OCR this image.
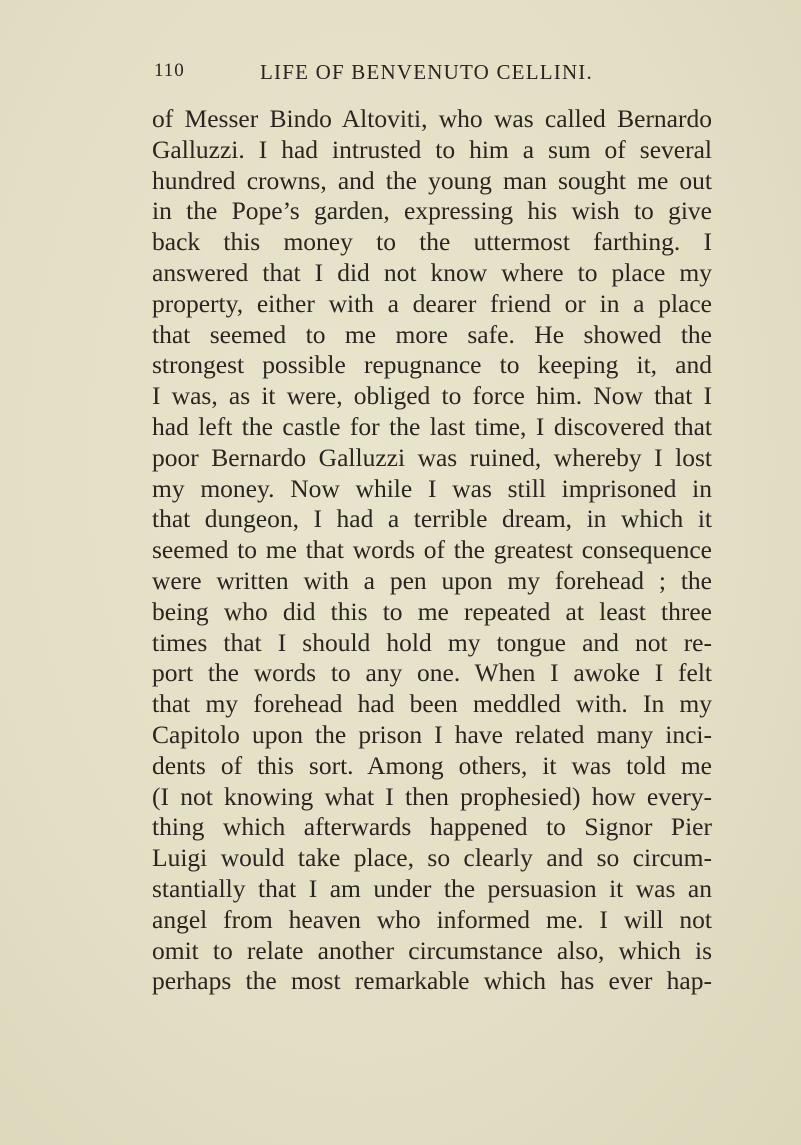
110	LIFE OF BENVENUTO CELLINI.
of Messer Bindo Altoviti, who was called Bernardo
Galluzzi. I had intrusted to him a sum of several
hundred crowns, and the young man sought me out
in the Pope’s garden, expressing his wish to give
back this money to the uttermost farthing. I
answered that I did not know where to place my
property, either with a dearer friend or in a place
that seemed to me more safe. He showed the
strongest possible repugnance to keeping it, and
I was, as it were, obliged to force him. Now that I
had left the castle for the last time, I discovered that
poor Bernardo Galluzzi was ruined, whereby I lost
my money. Now while I was still imprisoned in
that dungeon, I had a terrible dream, in which it
seemed to me that words of the greatest consequence
were written with a pen upon my forehead ; the
being who did this to me repeated at least three
times that I should hold my tongue and not re-
port the words to any one. When I awoke I felt
that my forehead had been meddled with. In my
Capitolo upon the prison I have related many inci-
dents of this sort. Among others, it was told me
(I not knowing what I then prophesied) how every-
thing which afterwards happened to Signor Pier
Luigi would take place, so clearly and so circum-
stantially that I am under the persuasion it was an
angel from heaven who informed me. I will not
omit to relate another circumstance also, which is
perhaps the most remarkable which has ever hap-
